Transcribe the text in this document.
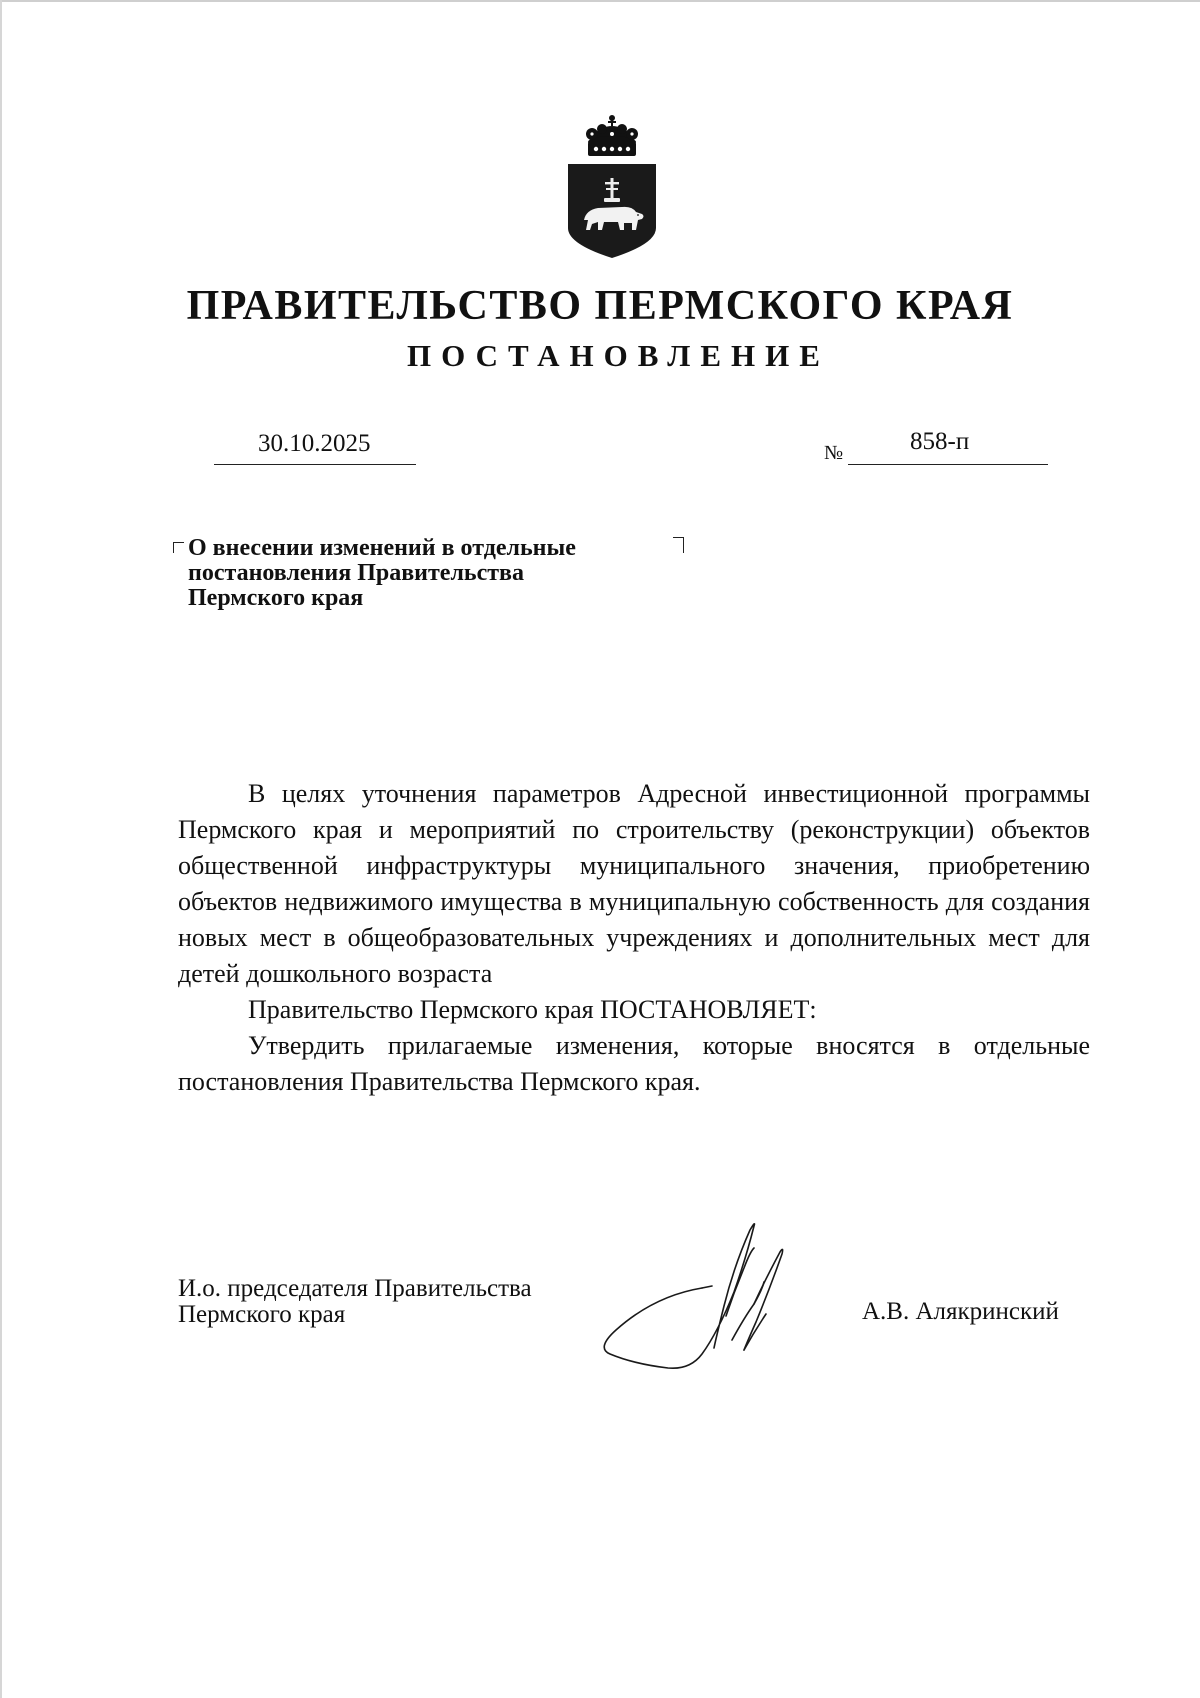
ПРАВИТЕЛЬСТВО ПЕРМСКОГО КРАЯ
ПОСТАНОВЛЕНИЕ
30.10.2025	№	858-п
О внесении изменений в отдельные
постановления Правительства
Пермского края

В целях уточнения параметров Адресной инвестиционной программы Пермского края и мероприятий по строительству (реконструкции) объектов общественной инфраструктуры муниципального значения, приобретению объектов недвижимого имущества в муниципальную собственность для создания новых мест в общеобразовательных учреждениях и дополнительных мест для детей дошкольного возраста

Правительство Пермского края ПОСТАНОВЛЯЕТ:

Утвердить прилагаемые изменения, которые вносятся в отдельные постановления Правительства Пермского края.

И.о. председателя Правительства
Пермского края	А.В. Алякринский
